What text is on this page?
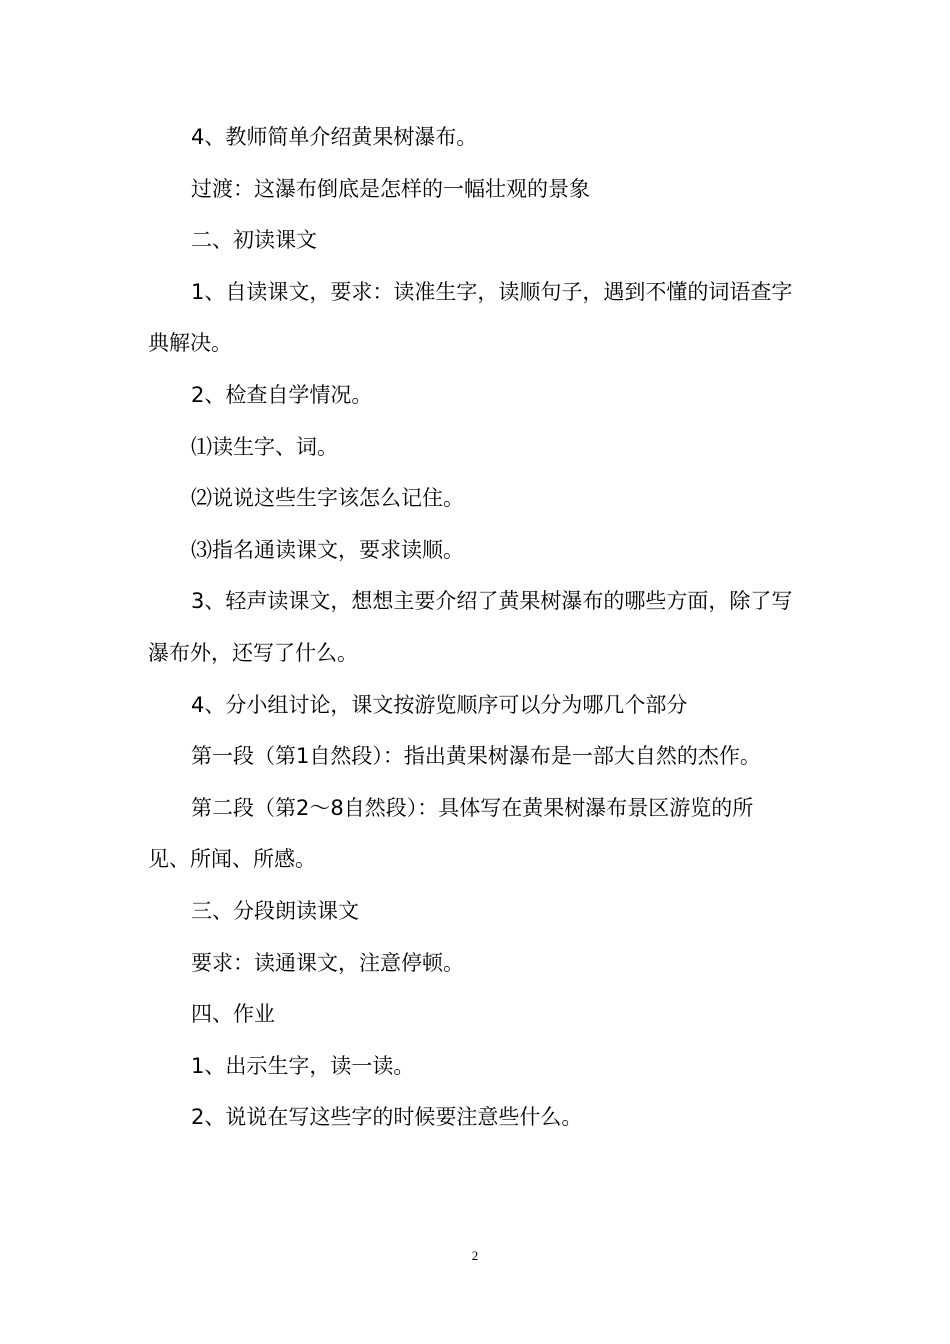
4、教师简单介绍黄果树瀑布。

过渡：这瀑布倒底是怎样的一幅壮观的景象

二、初读课文

1、自读课文，要求：读准生字，读顺句子，遇到不懂的词语查字典解决。

2、检查自学情况。

⑴读生字、词。

⑵说说这些生字该怎么记住。

⑶指名通读课文，要求读顺。

3、轻声读课文，想想主要介绍了黄果树瀑布的哪些方面，除了写瀑布外，还写了什么。

4、分小组讨论，课文按游览顺序可以分为哪几个部分

第一段（第1自然段）：指出黄果树瀑布是一部大自然的杰作。

第二段（第2～8自然段）：具体写在黄果树瀑布景区游览的所见、所闻、所感。

三、分段朗读课文

要求：读通课文，注意停顿。

四、作业

1、出示生字，读一读。

2、说说在写这些字的时候要注意些什么。

2
